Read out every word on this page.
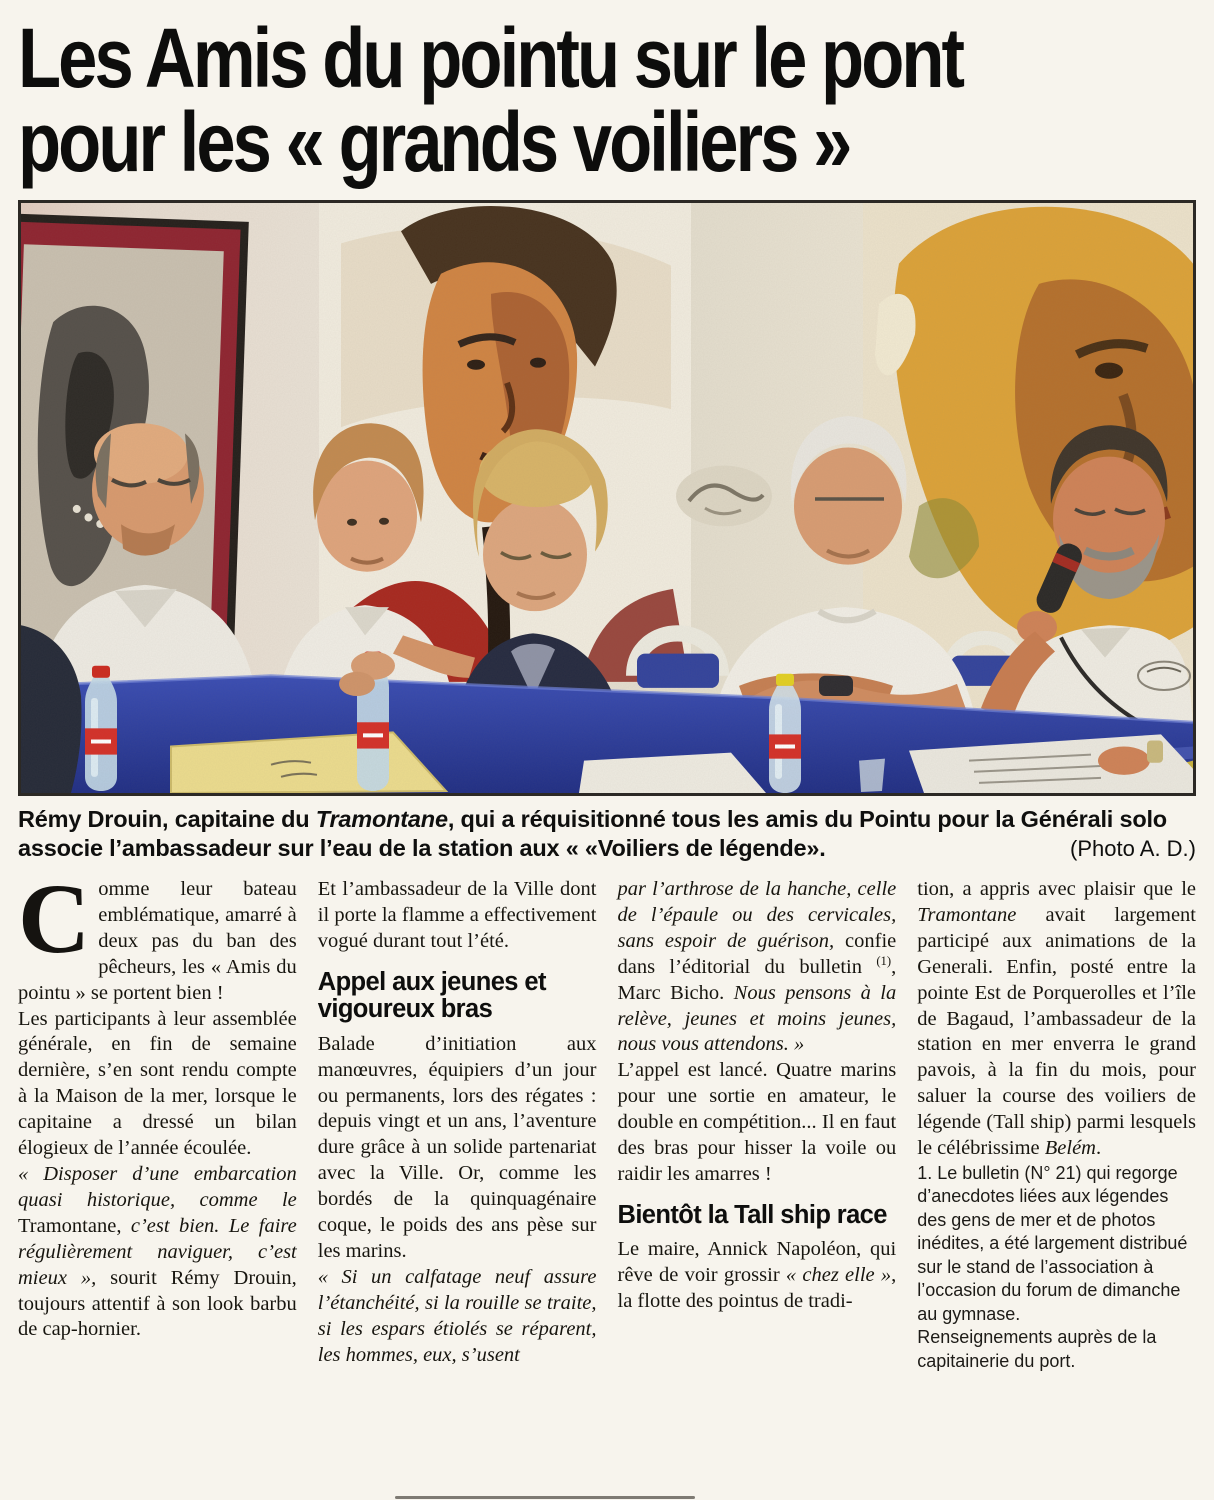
Les Amis du pointu sur le pont
pour les « grands voiliers »

Rémy Drouin, capitaine du Tramontane, qui a réquisitionné tous les amis du Pointu pour la Générali solo associe l’ambassadeur sur l’eau de la station aux « «Voiliers de légende».	(Photo A. D.)

Comme leur bateau emblématique, amarré à deux pas du ban des pêcheurs, les « Amis du pointu » se portent bien !

Les participants à leur assemblée générale, en fin de semaine dernière, s’en sont rendu compte à la Maison de la mer, lorsque le capitaine a dressé un bilan élogieux de l’année écoulée.

« Disposer d’une embarcation quasi historique, comme le Tramontane, c’est bien. Le faire régulièrement naviguer, c’est mieux », sourit Rémy Drouin, toujours attentif à son look barbu de cap-hornier.

Et l’ambassadeur de la Ville dont il porte la flamme a effectivement vogué durant tout l’été.

Appel aux jeunes et vigoureux bras

Balade d’initiation aux manœuvres, équipiers d’un jour ou permanents, lors des régates : depuis vingt et un ans, l’aventure dure grâce à un solide partenariat avec la Ville. Or, comme les bordés de la quinquagénaire coque, le poids des ans pèse sur les marins.

« Si un calfatage neuf assure l’étanchéité, si la rouille se traite, si les espars étiolés se réparent, les hommes, eux, s’usent

par l’arthrose de la hanche, celle de l’épaule ou des cervicales, sans espoir de guérison, confie dans l’éditorial du bulletin $^{(1)}$, Marc Bicho. Nous pensons à la relève, jeunes et moins jeunes, nous vous attendons. »

L’appel est lancé. Quatre marins pour une sortie en amateur, le double en compétition... Il en faut des bras pour hisser la voile ou raidir les amarres !

Bientôt la Tall ship race

Le maire, Annick Napoléon, qui rêve de voir grossir « chez elle », la flotte des pointus de tradi-

tion, a appris avec plaisir que le Tramontane avait largement participé aux animations de la Generali. Enfin, posté entre la pointe Est de Porquerolles et l’île de Bagaud, l’ambassadeur de la station en mer enverra le grand pavois, à la fin du mois, pour saluer la course des voiliers de légende (Tall ship) parmi lesquels le célébrissime Belém.

1. Le bulletin (N° 21) qui regorge d’anecdotes liées aux légendes des gens de mer et de photos inédites, a été largement distribué sur le stand de l’association à l’occasion du forum de dimanche au gymnase.

Renseignements auprès de la capitainerie du port.
